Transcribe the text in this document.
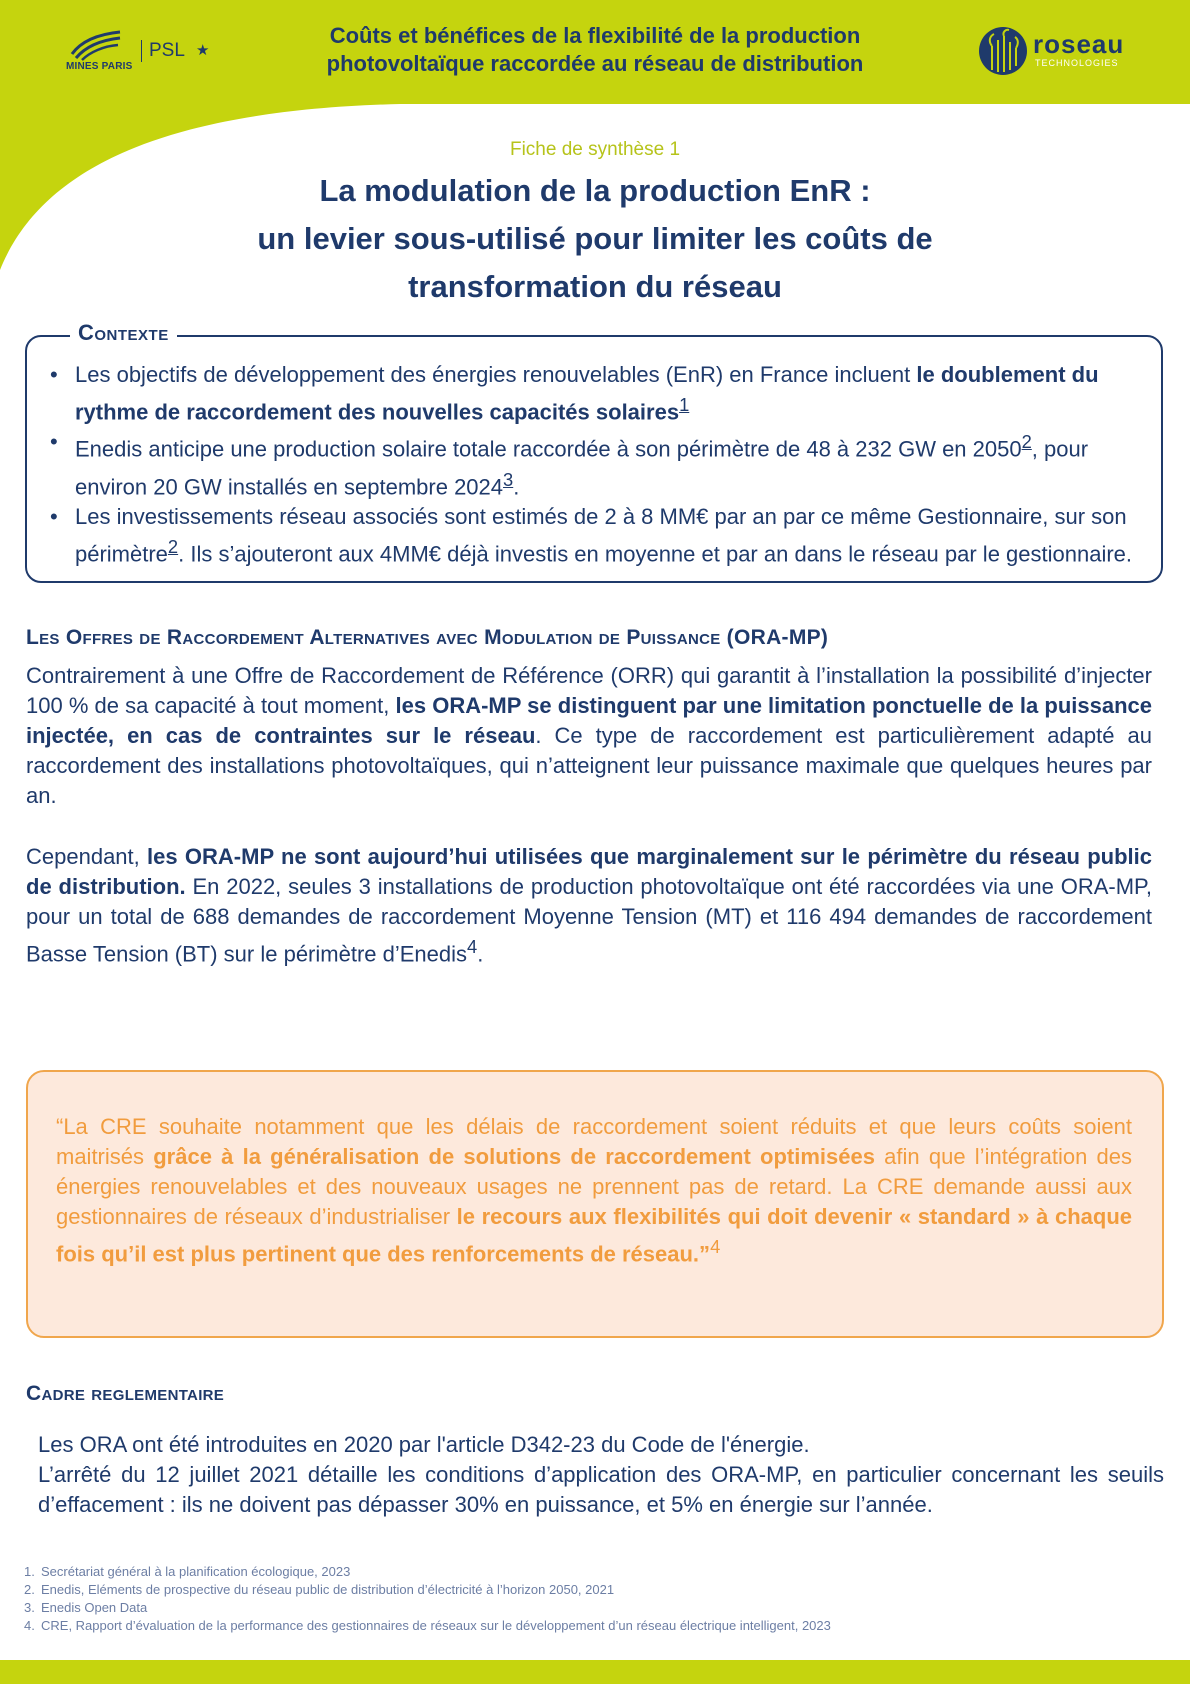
MINES PARIS
PSL ★
Coûts et bénéfices de la flexibilité de la production
photovoltaïque raccordée au réseau de distribution
roseau
TECHNOLOGIES
Fiche de synthèse 1
La modulation de la production EnR :
un levier sous-utilisé pour limiter les coûts de
transformation du réseau
Contexte
• Les objectifs de développement des énergies renouvelables (EnR) en France incluent le doublement du rythme de raccordement des nouvelles capacités solaires$^1$
• Enedis anticipe une production solaire totale raccordée à son périmètre de 48 à 232 GW en 2050$^2$, pour environ 20 GW installés en septembre 2024$^3$.
• Les investissements réseau associés sont estimés de 2 à 8 MM€ par an par ce même Gestionnaire, sur son périmètre$^2$. Ils s’ajouteront aux 4MM€ déjà investis en moyenne et par an dans le réseau par le gestionnaire.
Les Offres de Raccordement Alternatives avec Modulation de Puissance (ORA-MP)

Contrairement à une Offre de Raccordement de Référence (ORR) qui garantit à l’installation la possibilité d’injecter 100 % de sa capacité à tout moment, les ORA-MP se distinguent par une limitation ponctuelle de la puissance injectée, en cas de contraintes sur le réseau. Ce type de raccordement est particulièrement adapté au raccordement des installations photovoltaïques, qui n’atteignent leur puissance maximale que quelques heures par an.

Cependant, les ORA-MP ne sont aujourd’hui utilisées que marginalement sur le périmètre du réseau public de distribution. En 2022, seules 3 installations de production photovoltaïque ont été raccordées via une ORA-MP, pour un total de 688 demandes de raccordement Moyenne Tension (MT) et 116 494 demandes de raccordement Basse Tension (BT) sur le périmètre d’Enedis$^4$.

“La CRE souhaite notamment que les délais de raccordement soient réduits et que leurs coûts soient maitrisés grâce à la généralisation de solutions de raccordement optimisées afin que l’intégration des énergies renouvelables et des nouveaux usages ne prennent pas de retard. La CRE demande aussi aux gestionnaires de réseaux d’industrialiser le recours aux flexibilités qui doit devenir « standard » à chaque fois qu’il est plus pertinent que des renforcements de réseau.”$^4$

Cadre reglementaire
Les ORA ont été introduites en 2020 par l'article D342-23 du Code de l'énergie.
L’arrêté du 12 juillet 2021 détaille les conditions d’application des ORA-MP, en particulier concernant les seuils d’effacement : ils ne doivent pas dépasser 30% en puissance, et 5% en énergie sur l’année.
1. Secrétariat général à la planification écologique, 2023
2. Enedis, Eléments de prospective du réseau public de distribution d’électricité à l’horizon 2050, 2021
3. Enedis Open Data
4. CRE, Rapport d’évaluation de la performance des gestionnaires de réseaux sur le développement d’un réseau électrique intelligent, 2023
